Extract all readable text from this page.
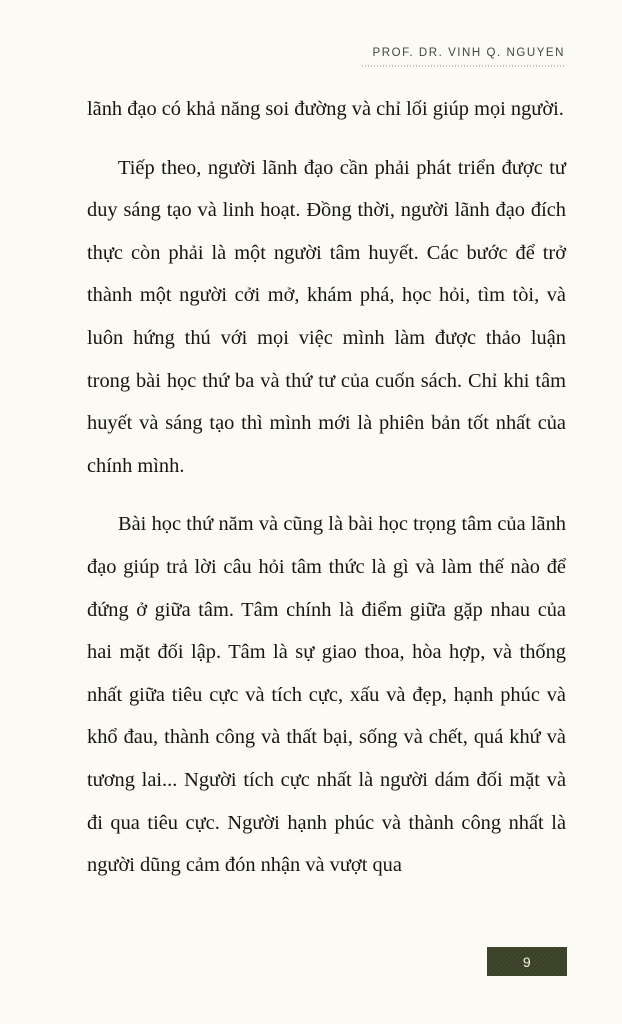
PROF. DR. VINH Q. NGUYEN

lãnh đạo có khả năng soi đường và chỉ lối giúp mọi người.

Tiếp theo, người lãnh đạo cần phải phát triển được tư duy sáng tạo và linh hoạt. Đồng thời, người lãnh đạo đích thực còn phải là một người tâm huyết. Các bước để trở thành một người cởi mở, khám phá, học hỏi, tìm tòi, và luôn hứng thú với mọi việc mình làm được thảo luận trong bài học thứ ba và thứ tư của cuốn sách. Chỉ khi tâm huyết và sáng tạo thì mình mới là phiên bản tốt nhất của chính mình.

Bài học thứ năm và cũng là bài học trọng tâm của lãnh đạo giúp trả lời câu hỏi tâm thức là gì và làm thế nào để đứng ở giữa tâm. Tâm chính là điểm giữa gặp nhau của hai mặt đối lập. Tâm là sự giao thoa, hòa hợp, và thống nhất giữa tiêu cực và tích cực, xấu và đẹp, hạnh phúc và khổ đau, thành công và thất bại, sống và chết, quá khứ và tương lai... Người tích cực nhất là người dám đối mặt và đi qua tiêu cực. Người hạnh phúc và thành công nhất là người dũng cảm đón nhận và vượt qua

9
